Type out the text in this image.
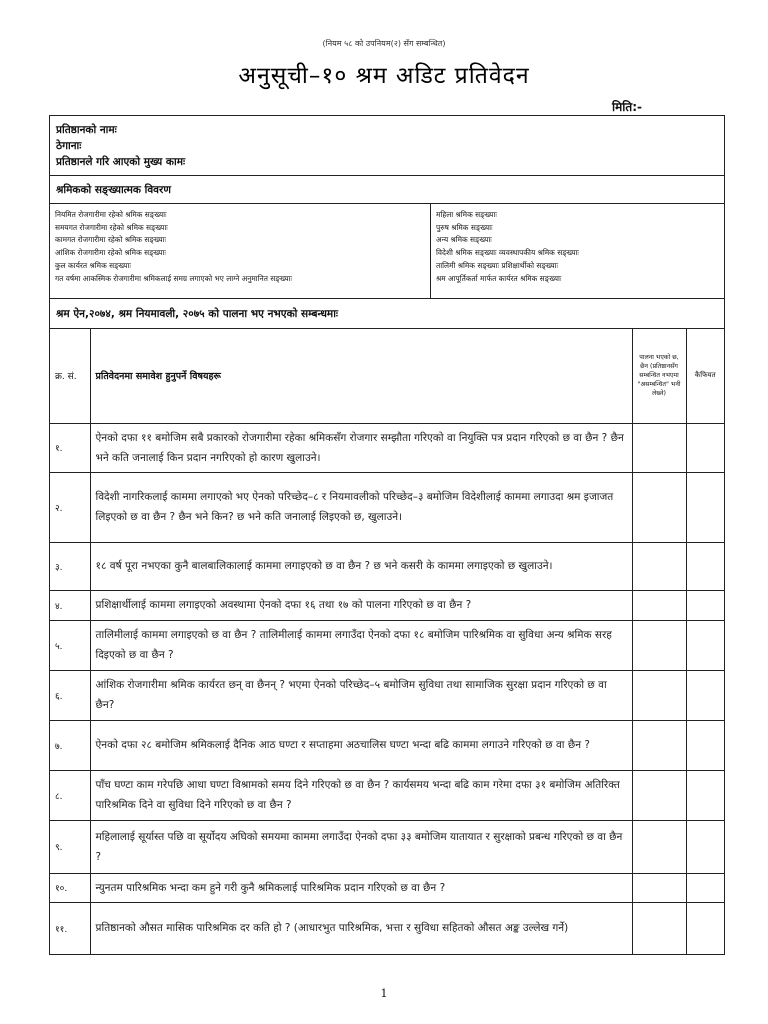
(नियम ५८ को उपनियम(२) सँग सम्बन्धित)
अनुसूची–१० श्रम अडिट प्रतिवेदन
मिति:-
प्रतिष्ठानको नामः
ठेगानाः
प्रतिष्ठानले गरि आएको मुख्य कामः
श्रमिकको सङ्ख्यात्मक विवरण
नियमित रोजगारीमा रहेको श्रमिक सङ्ख्याः
समयगत रोजगारीमा रहेको श्रमिक सङ्ख्याः
कामगत रोजगारीमा रहेको श्रमिक सङ्ख्याः
आंशिक रोजगारीमा रहेको श्रमिक सङ्ख्याः
कुल कार्यरत श्रमिक सङ्ख्याः
गत वर्षमा आकस्मिक रोजगारीमा श्रमिकलाई समग्र लगाएको भए लाग्ने अनुमानित सङ्ख्याः
महिला श्रमिक सङ्ख्याः
पुरुष श्रमिक सङ्ख्याः
अन्य श्रमिक सङ्ख्याः
विदेशी श्रमिक सङ्ख्याः व्यवस्थापकीय श्रमिक सङ्ख्याः
तालिमी श्रमिक सङ्ख्याः प्रशिक्षार्थीको सङ्ख्याः
श्रम आपूर्तिकर्ता मार्फत कार्यरत श्रमिक सङ्ख्याः
श्रम ऐन,२०७४, श्रम नियमावली, २०७५ को पालना भए नभएको सम्बन्धमाः
क्र. सं.	प्रतिवेदनमा समावेश हुनुपर्ने विषयहरू	पालना भएको छ, छैन (प्रतिष्ठानसँग सम्बन्धित नभएमा "असम्बन्धित" भनी लेख्ने)	कैफियत
१.	ऐनको दफा ११ बमोजिम सबै प्रकारको रोजगारीमा रहेका श्रमिकसँग रोजगार सम्झौता गरिएको वा नियुक्ति पत्र प्रदान गरिएको छ वा छैन ? छैन भने कति जनालाई किन प्रदान नगरिएको हो कारण खुलाउने।		
२.	विदेशी नागरिकलाई काममा लगाएको भए ऐनको परिच्छेद–८ र नियमावलीको परिच्छेद–३ बमोजिम विदेशीलाई काममा लगाउदा श्रम इजाजत लिइएको छ वा छैन ? छैन भने किन? छ भने कति जनालाई लिइएको छ, खुलाउने।		
३.	१८ वर्ष पूरा नभएका कुनै बालबालिकालाई काममा लगाइएको छ वा छैन ? छ भने कसरी के काममा लगाइएको छ खुलाउने।		
४.	प्रशिक्षार्थीलाई काममा लगाइएको अवस्थामा ऐनको दफा १६ तथा १७ को पालना गरिएको छ वा छैन ?		
५.	तालिमीलाई काममा लगाइएको छ वा छैन ? तालिमीलाई काममा लगाउँदा ऐनको दफा १८ बमोजिम पारिश्रमिक वा सुविधा अन्य श्रमिक सरह दिइएको छ वा छैन ?		
६.	आंशिक रोजगारीमा श्रमिक कार्यरत छन् वा छैनन् ? भएमा ऐनको परिच्छेद–५ बमोजिम सुविधा तथा सामाजिक सुरक्षा प्रदान गरिएको छ वा छैन?		
७.	ऐनको दफा २८ बमोजिम श्रमिकलाई दैनिक आठ घण्टा र सप्ताहमा अठचालिस घण्टा भन्दा बढि काममा लगाउने गरिएको छ वा छैन ?		
८.	पाँच घण्टा काम गरेपछि आधा घण्टा विश्रामको समय दिने गरिएको छ वा छैन ? कार्यसमय भन्दा बढि काम गरेमा दफा ३१ बमोजिम अतिरिक्त पारिश्रमिक दिने वा सुविधा दिने गरिएको छ वा छैन ?		
९.	महिलालाई सूर्यास्त पछि वा सूर्योदय अघिको समयमा काममा लगाउँदा ऐनको दफा ३३ बमोजिम यातायात र सुरक्षाको प्रबन्ध गरिएको छ वा छैन ?		
१०.	न्युनतम पारिश्रमिक भन्दा कम हुने गरी कुनै श्रमिकलाई पारिश्रमिक प्रदान गरिएको छ वा छैन ?		
११.	प्रतिष्ठानको औसत मासिक पारिश्रमिक दर कति हो ? (आधारभुत पारिश्रमिक, भत्ता र सुविधा सहितको औसत अङ्क उल्लेख गर्ने)		
1
